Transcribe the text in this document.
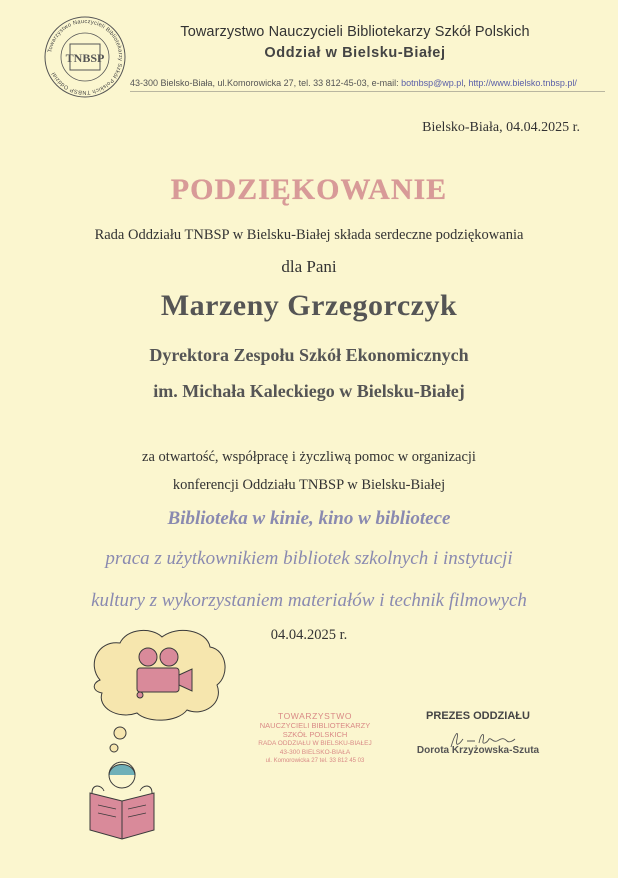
Towarzystwo Nauczycieli Bibliotekarzy Szkół Polskich TNBSP Oddział
TNBSP
Towarzystwo Nauczycieli Bibliotekarzy Szkół Polskich
Oddział w Bielsku-Białej
43-300 Bielsko-Biała, ul.Komorowicka 27, tel. 33 812-45-03, e-mail: botnbsp@wp.pl, http://www.bielsko.tnbsp.pl/
Bielsko-Biała, 04.04.2025 r.
PODZIĘKOWANIE
Rada Oddziału TNBSP w Bielsku-Białej składa serdeczne podziękowania
dla Pani
Marzeny Grzegorczyk
Dyrektora Zespołu Szkół Ekonomicznych
im. Michała Kaleckiego w Bielsku-Białej
za otwartość, współpracę i życzliwą pomoc w organizacji
konferencji Oddziału TNBSP w Bielsku-Białej
Biblioteka w kinie, kino w bibliotece
praca z użytkownikiem bibliotek szkolnych i instytucji
kultury z wykorzystaniem materiałów i technik filmowych
04.04.2025 r.
TOWARZYSTWO
NAUCZYCIELI BIBLIOTEKARZY
SZKÓŁ POLSKICH
RADA ODDZIAŁU W BIELSKU-BIAŁEJ
43-300 BIELSKO-BIAŁA
ul. Komorowicka 27 tel. 33 812 45 03
PREZES ODDZIAŁU
Dorota Krzyżowska-Szuta
